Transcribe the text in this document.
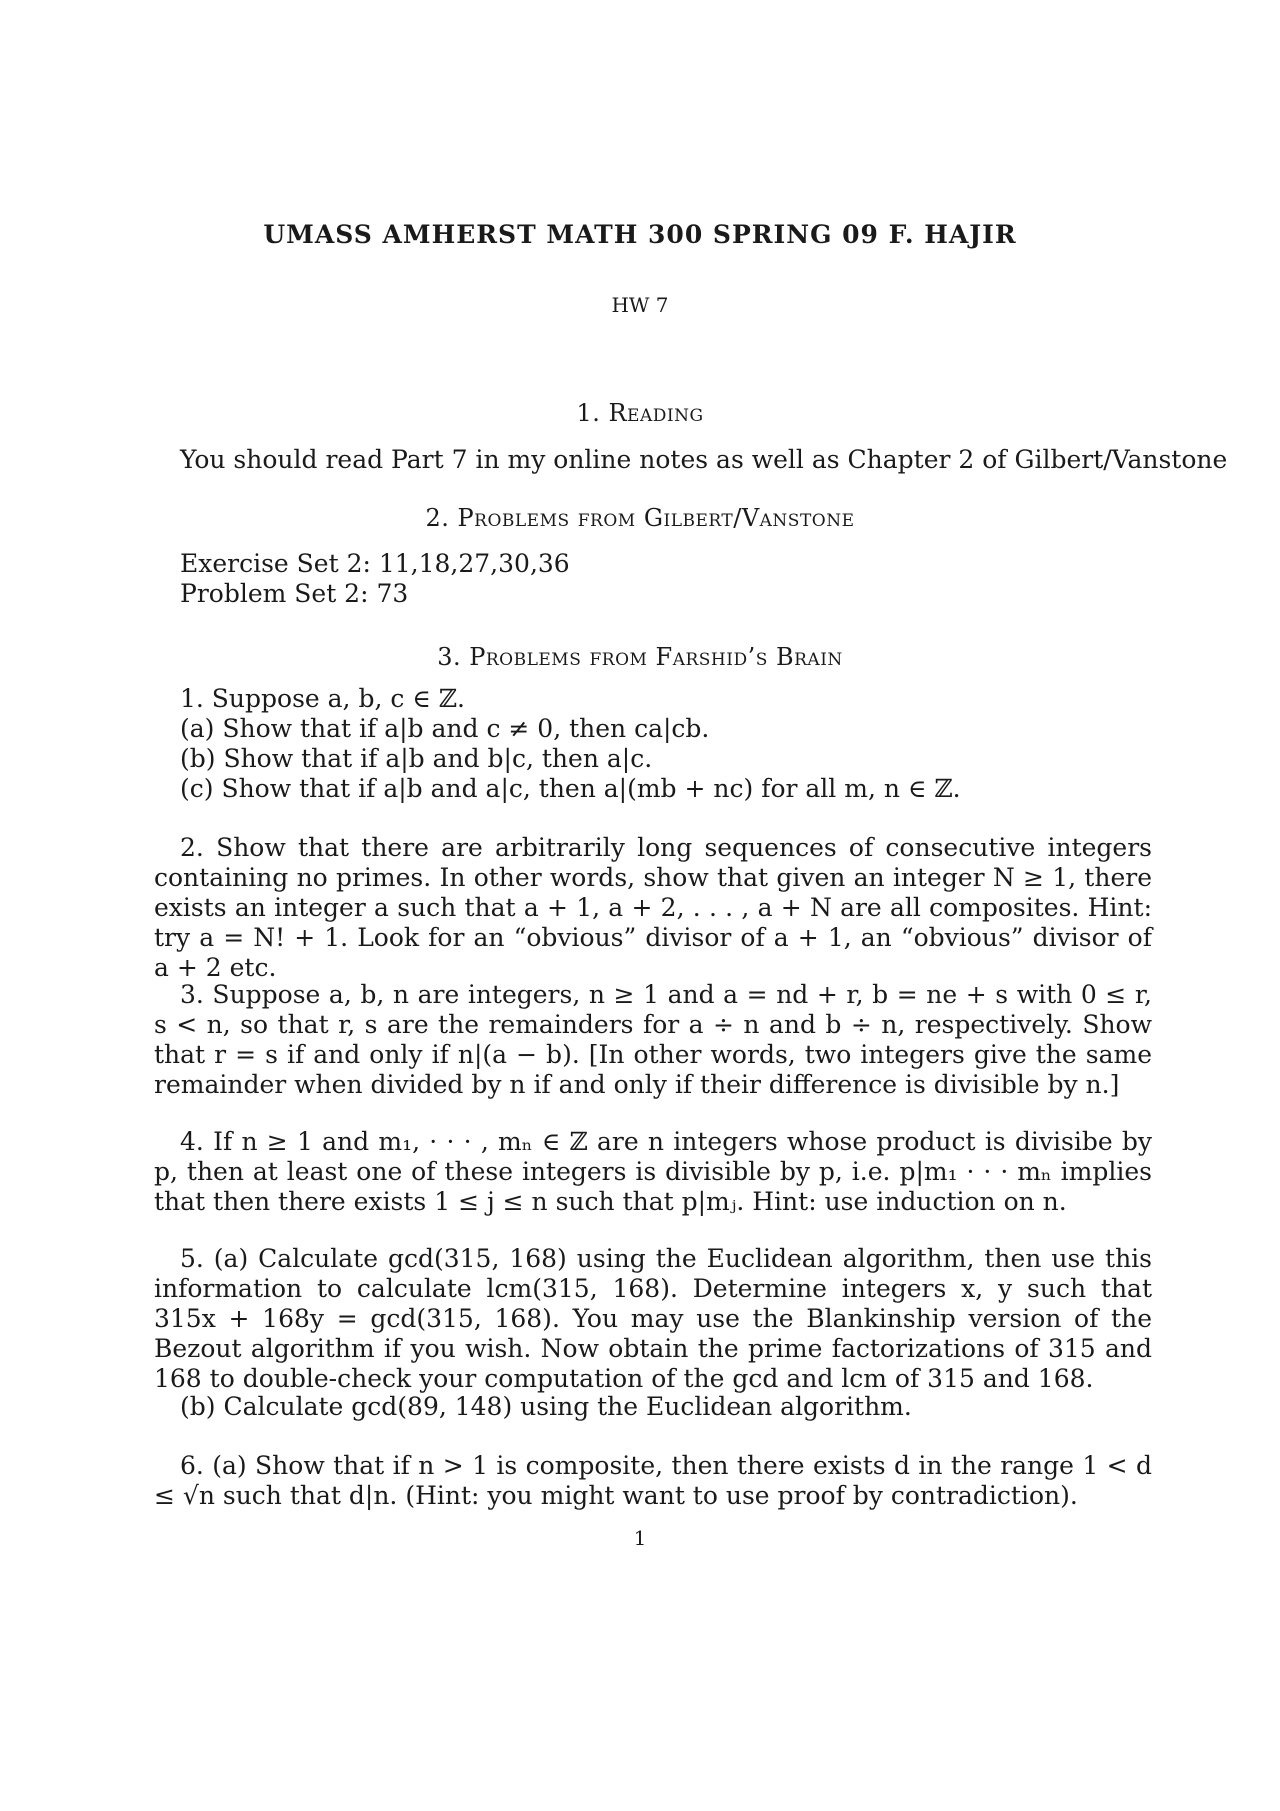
UMASS AMHERST MATH 300 SPRING 09 F. HAJIR
HW 7
1. Reading
You should read Part 7 in my online notes as well as Chapter 2 of Gilbert/Vanstone
2. Problems from Gilbert/Vanstone
Exercise Set 2: 11,18,27,30,36
Problem Set 2: 73
3. Problems from Farshid’s Brain
1. Suppose a, b, c ∈ ℤ.
(a) Show that if a|b and c ≠ 0, then ca|cb.
(b) Show that if a|b and b|c, then a|c.
(c) Show that if a|b and a|c, then a|(mb + nc) for all m, n ∈ ℤ.
2. Show that there are arbitrarily long sequences of consecutive integers containing no primes. In other words, show that given an integer N ≥ 1, there exists an integer a such that a + 1, a + 2, . . . , a + N are all composites. Hint: try a = N! + 1. Look for an “obvious” divisor of a + 1, an “obvious” divisor of a + 2 etc.
3. Suppose a, b, n are integers, n ≥ 1 and a = nd + r, b = ne + s with 0 ≤ r, s < n, so that r, s are the remainders for a ÷ n and b ÷ n, respectively. Show that r = s if and only if n|(a − b). [In other words, two integers give the same remainder when divided by n if and only if their difference is divisible by n.]
4. If n ≥ 1 and m₁, · · · , mₙ ∈ ℤ are n integers whose product is divisibe by p, then at least one of these integers is divisible by p, i.e. p|m₁ · · · mₙ implies that then there exists 1 ≤ j ≤ n such that p|mⱼ. Hint: use induction on n.
5. (a) Calculate gcd(315, 168) using the Euclidean algorithm, then use this information to calculate lcm(315, 168). Determine integers x, y such that 315x + 168y = gcd(315, 168). You may use the Blankinship version of the Bezout algorithm if you wish. Now obtain the prime factorizations of 315 and 168 to double-check your computation of the gcd and lcm of 315 and 168.
(b) Calculate gcd(89, 148) using the Euclidean algorithm.
6. (a) Show that if n > 1 is composite, then there exists d in the range 1 < d ≤ √n such that d|n. (Hint: you might want to use proof by contradiction).
1
